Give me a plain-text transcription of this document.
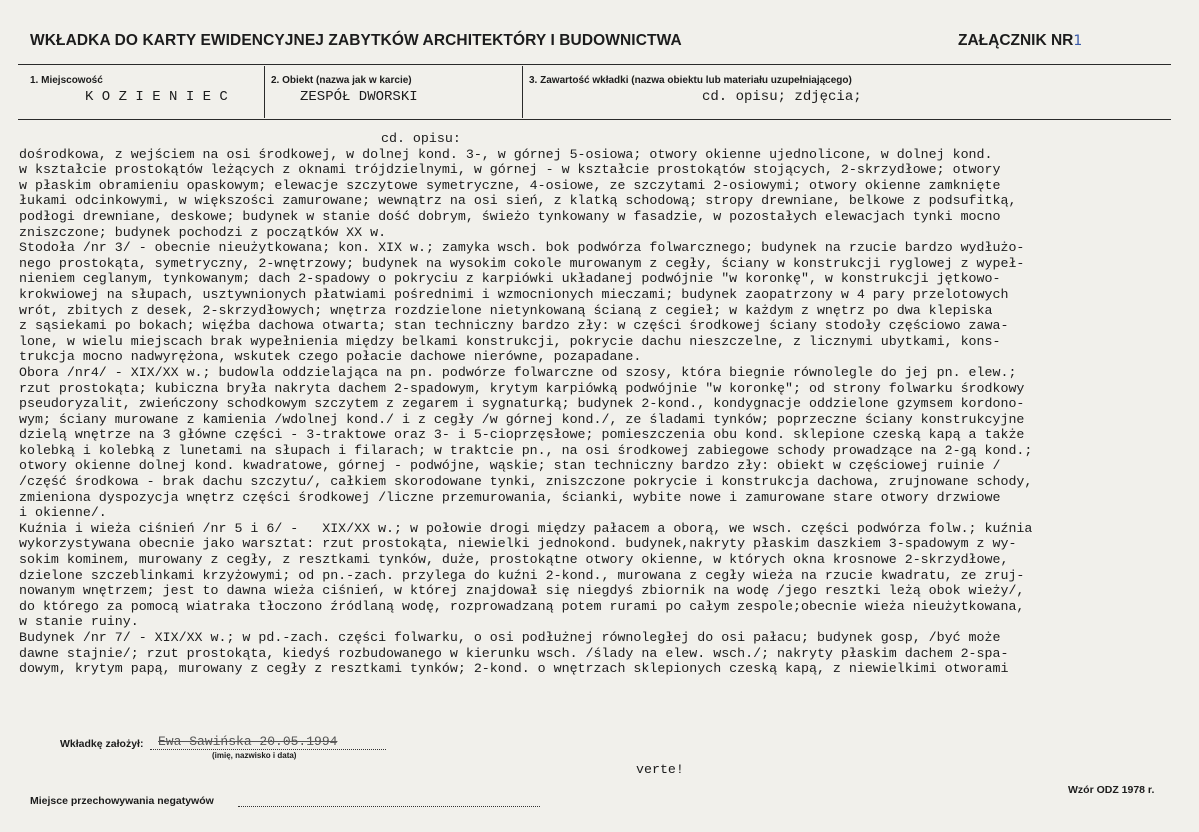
WKŁADKA DO KARTY EWIDENCYJNEJ ZABYTKÓW ARCHITEKTÓRY I BUDOWNICTWA	ZAŁĄCZNIK NR1
1. Miejscowość
K O Z I E N I E C
2. Obiekt (nazwa jak w karcie)
ZESPÓŁ DWORSKI
3. Zawartość wkładki (nazwa obiektu lub materiału uzupełniającego)
cd. opisu; zdjęcia;
cd. opisu:
dośrodkowa, z wejściem na osi środkowej, w dolnej kond. 3-, w górnej 5-osiowa; otwory okienne ujednolicone, w dolnej kond.
w kształcie prostokątów leżących z oknami trójdzielnymi, w górnej - w kształcie prostokątów stojących, 2-skrzydłowe; otwory
w płaskim obramieniu opaskowym; elewacje szczytowe symetryczne, 4-osiowe, ze szczytami 2-osiowymi; otwory okienne zamknięte
łukami odcinkowymi, w większości zamurowane; wewnątrz na osi sień, z klatką schodową; stropy drewniane, belkowe z podsufitką,
podłogi drewniane, deskowe; budynek w stanie dość dobrym, świeżo tynkowany w fasadzie, w pozostałych elewacjach tynki mocno
zniszczone; budynek pochodzi z początków XX w.
Stodoła /nr 3/ - obecnie nieużytkowana; kon. XIX w.; zamyka wsch. bok podwórza folwarcznego; budynek na rzucie bardzo wydłużo-
nego prostokąta, symetryczny, 2-wnętrzowy; budynek na wysokim cokole murowanym z cegły, ściany w konstrukcji ryglowej z wypeł-
nieniem ceglanym, tynkowanym; dach 2-spadowy o pokryciu z karpiówki układanej podwójnie "w koronkę", w konstrukcji jętkowo-
krokwiowej na słupach, usztywnionych płatwiami pośrednimi i wzmocnionych mieczami; budynek zaopatrzony w 4 pary przelotowych
wrót, zbitych z desek, 2-skrzydłowych; wnętrza rozdzielone nietynkowaną ścianą z cegieł; w każdym z wnętrz po dwa klepiska
z sąsiekami po bokach; więźba dachowa otwarta; stan techniczny bardzo zły: w części środkowej ściany stodoły częściowo zawa-
lone, w wielu miejscach brak wypełnienia między belkami konstrukcji, pokrycie dachu nieszczelne, z licznymi ubytkami, kons-
trukcja mocno nadwyrężona, wskutek czego połacie dachowe nierówne, pozapadane.
Obora /nr4/ - XIX/XX w.; budowla oddzielająca na pn. podwórze folwarczne od szosy, która biegnie równolegle do jej pn. elew.;
rzut prostokąta; kubiczna bryła nakryta dachem 2-spadowym, krytym karpiówką podwójnie "w koronkę"; od strony folwarku środkowy
pseudoryzalit, zwieńczony schodkowym szczytem z zegarem i sygnaturką; budynek 2-kond., kondygnacje oddzielone gzymsem kordono-
wym; ściany murowane z kamienia /wdolnej kond./ i z cegły /w górnej kond./, ze śladami tynków; poprzeczne ściany konstrukcyjne
dzielą wnętrze na 3 główne części - 3-traktowe oraz 3- i 5-cioprzęsłowe; pomieszczenia obu kond. sklepione czeską kapą a także
kolebką i kolebką z lunetami na słupach i filarach; w traktcie pn., na osi środkowej zabiegowe schody prowadzące na 2-gą kond.;
otwory okienne dolnej kond. kwadratowe, górnej - podwójne, wąskie; stan techniczny bardzo zły: obiekt w częściowej ruinie /
/część środkowa - brak dachu szczytu/, całkiem skorodowane tynki, zniszczone pokrycie i konstrukcja dachowa, zrujnowane schody,
zmieniona dyspozycja wnętrz części środkowej /liczne przemurowania, ścianki, wybite nowe i zamurowane stare otwory drzwiowe
i okienne/.
Kuźnia i wieża ciśnień /nr 5 i 6/ -   XIX/XX w.; w połowie drogi między pałacem a oborą, we wsch. części podwórza folw.; kuźnia
wykorzystywana obecnie jako warsztat: rzut prostokąta, niewielki jednokond. budynek,nakryty płaskim daszkiem 3-spadowym z wy-
sokim kominem, murowany z cegły, z resztkami tynków, duże, prostokątne otwory okienne, w których okna krosnowe 2-skrzydłowe,
dzielone szczeblinkami krzyżowymi; od pn.-zach. przylega do kuźni 2-kond., murowana z cegły wieża na rzucie kwadratu, ze zruj-
nowanym wnętrzem; jest to dawna wieża ciśnień, w której znajdował się niegdyś zbiornik na wodę /jego resztki leżą obok wieży/,
do którego za pomocą wiatraka tłoczono źródlaną wodę, rozprowadzaną potem rurami po całym zespole;obecnie wieża nieużytkowana,
w stanie ruiny.
Budynek /nr 7/ - XIX/XX w.; w pd.-zach. części folwarku, o osi podłużnej równoległej do osi pałacu; budynek gosp, /być może
dawne stajnie/; rzut prostokąta, kiedyś rozbudowanego w kierunku wsch. /ślady na elew. wsch./; nakryty płaskim dachem 2-spa-
dowym, krytym papą, murowany z cegły z resztkami tynków; 2-kond. o wnętrzach sklepionych czeską kapą, z niewielkimi otworami
Wkładkę założył: Ewa Sawińska 20.05.1994
(imię, nazwisko i data)
verte!
Miejsce przechowywania negatywów
Wzór ODZ 1978 r.
